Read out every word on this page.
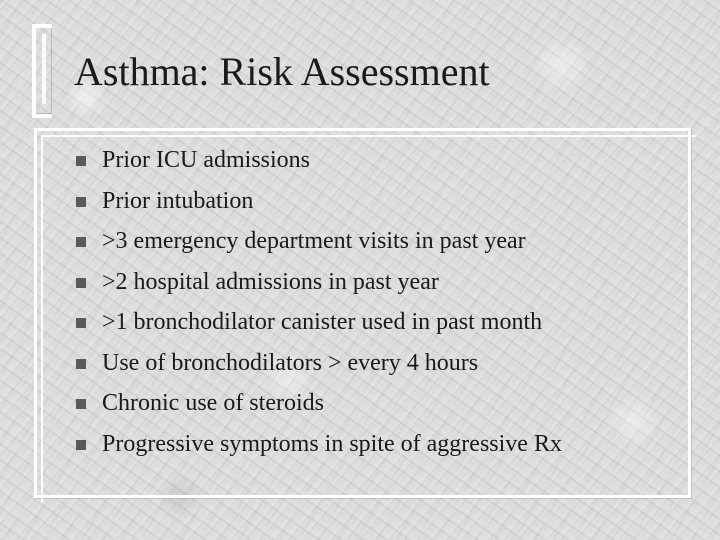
Asthma: Risk Assessment
Prior ICU admissions
Prior intubation
>3 emergency department visits in past year
>2 hospital admissions in past year
>1 bronchodilator canister used in past month
Use of bronchodilators > every 4 hours
Chronic use of steroids
Progressive symptoms in spite of aggressive Rx
